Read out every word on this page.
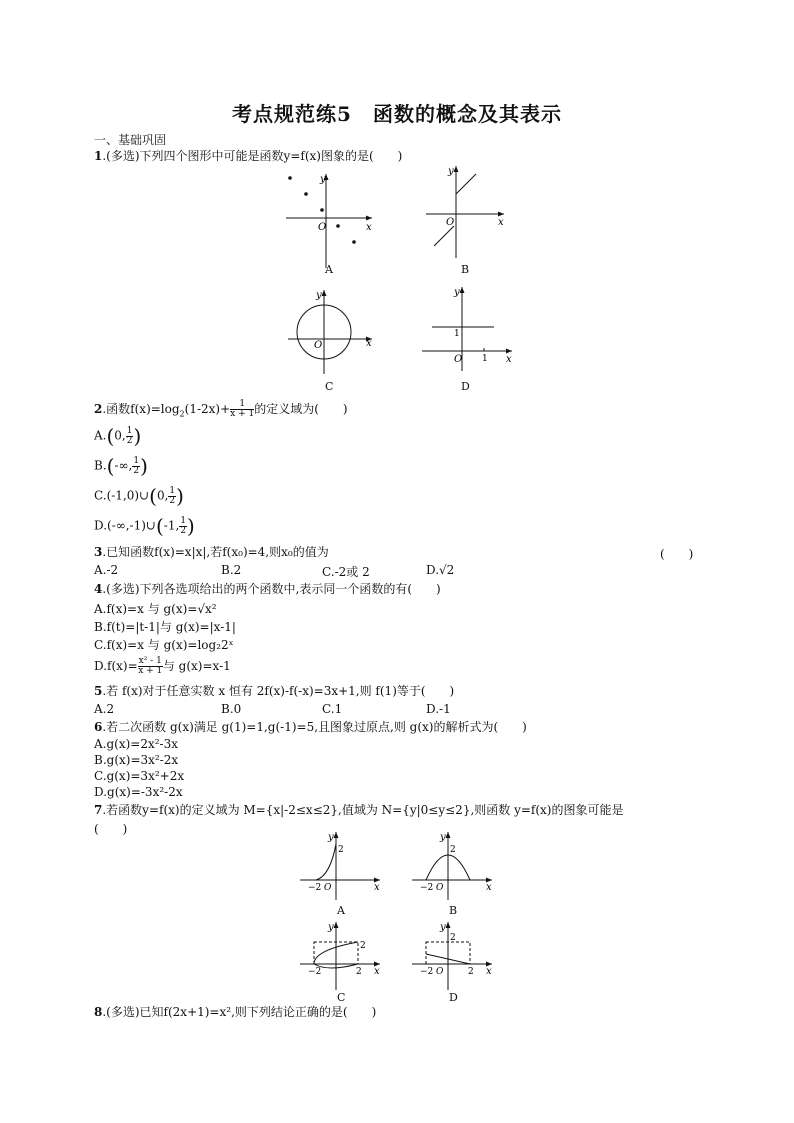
考点规范练5　函数的概念及其表示
一、基础巩固
1.(多选)下列四个图形中可能是函数y=f(x)图象的是(　　)
O	x
y
A
O	x
y
B
O	x
y
C
1
1
O	x
y
D
2.函数$f(x)=\log_2(1-2x)+ \frac{1}{x + 1}$ 的定义域为(　　)
A.(0, $\frac{1}{2}$ )
B.(-∞, $\frac{1}{2}$ )
C.(-1,0)∪(0, $\frac{1}{2}$ )
D.(-∞,-1)∪(-1, $\frac{1}{2}$ )
3.已知函数f(x)=x|x|,若f(x₀)=4,则x₀的值为	(　　)
A.-2	B.2	C.-2或 2	D.√2
4.(多选)下列各选项给出的两个函数中,表示同一个函数的有(　　)
A.f(x)=x 与 g(x)=√x²
B.f(t)=|t-1|与 g(x)=|x-1|
C.f(x)=x 与 g(x)=log₂2ˣ
$D.f(x)= \frac{\text{x² - 1}}{x + 1}$ 与 g(x)=x-1
5.若 f(x)对于任意实数 x 恒有 2f(x)-f(-x)=3x+1,则 f(1)等于(　　)
A.2	B.0	C.1	D.-1
6.若二次函数 g(x)满足 g(1)=1,g(-1)=5,且图象过原点,则 g(x)的解析式为(　　)
A.g(x)=2x²-3x
B.g(x)=3x²-2x
C.g(x)=3x²+2x
D.g(x)=-3x²-2x
7.若函数y=f(x)的定义域为 M={x|-2≤x≤2},值域为 N={y|0≤y≤2},则函数 y=f(x)的图象可能是
(　　)
2
−2 O	x
y
A
2
−2 O	x
y
B
2
−2	2 x
y
C
2
−2 O	2 x
y
D
8.(多选)已知f(2x+1)=x²,则下列结论正确的是(　　)
